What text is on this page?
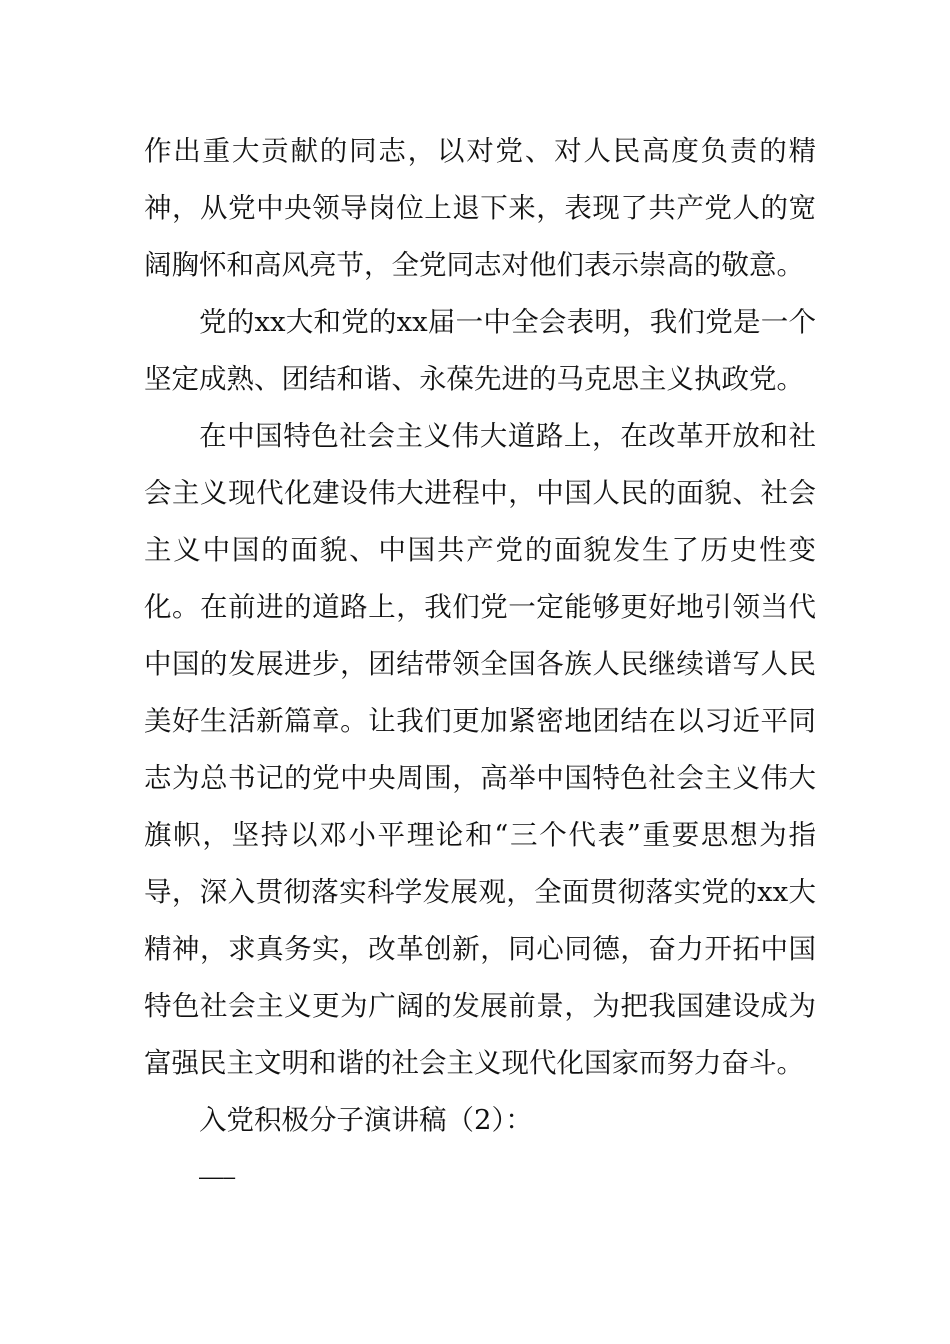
作出重大贡献的同志，以对党、对人民高度负责的精神，从党中央领导岗位上退下来，表现了共产党人的宽阔胸怀和高风亮节，全党同志对他们表示崇高的敬意。

党的xx大和党的xx届一中全会表明，我们党是一个坚定成熟、团结和谐、永葆先进的马克思主义执政党。

在中国特色社会主义伟大道路上，在改革开放和社会主义现代化建设伟大进程中，中国人民的面貌、社会主义中国的面貌、中国共产党的面貌发生了历史性变化。在前进的道路上，我们党一定能够更好地引领当代中国的发展进步，团结带领全国各族人民继续谱写人民美好生活新篇章。让我们更加紧密地团结在以习近平同志为总书记的党中央周围，高举中国特色社会主义伟大旗帜，坚持以邓小平理论和“三个代表”重要思想为指导，深入贯彻落实科学发展观，全面贯彻落实党的xx大精神，求真务实，改革创新，同心同德，奋力开拓中国特色社会主义更为广阔的发展前景，为把我国建设成为富强民主文明和谐的社会主义现代化国家而努力奋斗。

入党积极分子演讲稿（2）：

———
